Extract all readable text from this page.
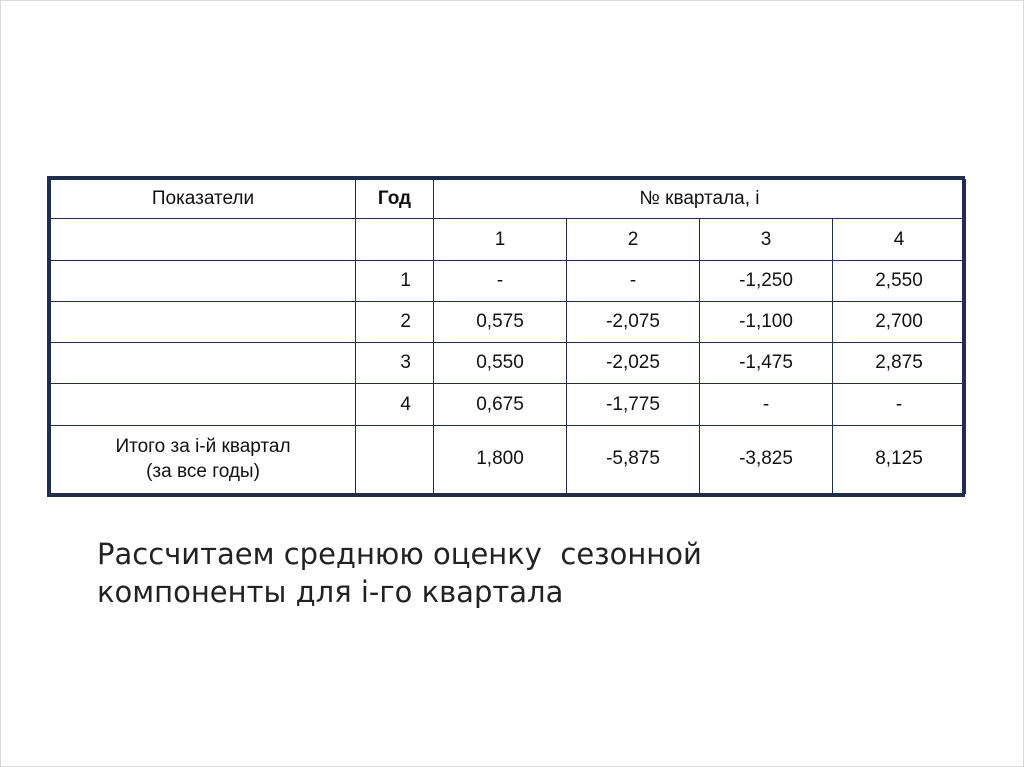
Показатели	Год	№ квартала, i			
		1	2	3	4
	1	-	-	-1,250	2,550
	2	0,575	-2,075	-1,100	2,700
	3	0,550	-2,025	-1,475	2,875
	4	0,675	-1,775	-	-

Итого за i-й квартал
(за все годы)		1,800	-5,875	-3,825	8,125
Рассчитаем среднюю оценку  сезонной
компоненты для i-го квартала
